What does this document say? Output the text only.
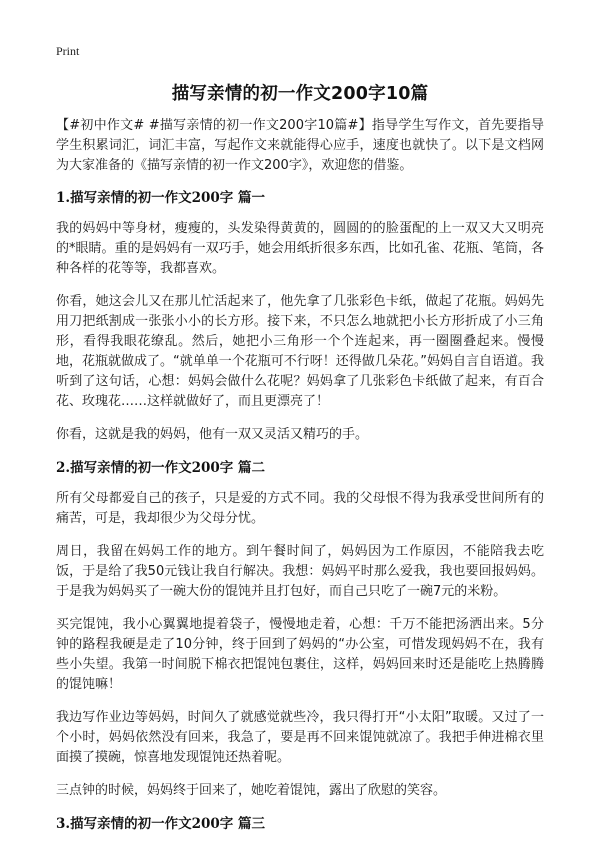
Print
描写亲情的初一作文200字10篇

【#初中作文# #描写亲情的初一作文200字10篇#】指导学生写作文，首先要指导学生积累词汇，词汇丰富，写起作文来就能得心应手，速度也就快了。以下是文档网为大家准备的《描写亲情的初一作文200字》，欢迎您的借鉴。

1.描写亲情的初一作文200字 篇一

我的妈妈中等身材，瘦瘦的，头发染得黄黄的，圆圆的的脸蛋配的上一双又大又明亮的*眼睛。重的是妈妈有一双巧手，她会用纸折很多东西，比如孔雀、花瓶、笔筒，各种各样的花等等，我都喜欢。

你看，她这会儿又在那儿忙活起来了，他先拿了几张彩色卡纸，做起了花瓶。妈妈先用刀把纸割成一张张小小的长方形。接下来，不只怎么地就把小长方形折成了小三角形，看得我眼花缭乱。然后，她把小三角形一个个连起来，再一圈圈叠起来。慢慢地，花瓶就做成了。“就单单一个花瓶可不行呀！还得做几朵花。”妈妈自言自语道。我听到了这句话，心想：妈妈会做什么花呢？妈妈拿了几张彩色卡纸做了起来，有百合花、玫瑰花……这样就做好了，而且更漂亮了！

你看，这就是我的妈妈，他有一双又灵活又精巧的手。

2.描写亲情的初一作文200字 篇二

所有父母都爱自己的孩子，只是爱的方式不同。我的父母恨不得为我承受世间所有的痛苦，可是，我却很少为父母分忧。

周日，我留在妈妈工作的地方。到午餐时间了，妈妈因为工作原因，不能陪我去吃饭，于是给了我50元钱让我自行解决。我想：妈妈平时那么爱我，我也要回报妈妈。于是我为妈妈买了一碗大份的馄饨并且打包好，而自己只吃了一碗7元的米粉。

买完馄饨，我小心翼翼地提着袋子，慢慢地走着，心想：千万不能把汤洒出来。5分钟的路程我硬是走了10分钟，终于回到了妈妈的“办公室，可惜发现妈妈不在，我有些小失望。我第一时间脱下棉衣把馄饨包裹住，这样，妈妈回来时还是能吃上热腾腾的馄饨嘛！

我边写作业边等妈妈，时间久了就感觉就些冷，我只得打开“小太阳”取暖。又过了一个小时，妈妈依然没有回来，我急了，要是再不回来馄饨就凉了。我把手伸进棉衣里面摸了摸碗，惊喜地发现馄饨还热着呢。

三点钟的时候，妈妈终于回来了，她吃着馄饨，露出了欣慰的笑容。

3.描写亲情的初一作文200字 篇三
